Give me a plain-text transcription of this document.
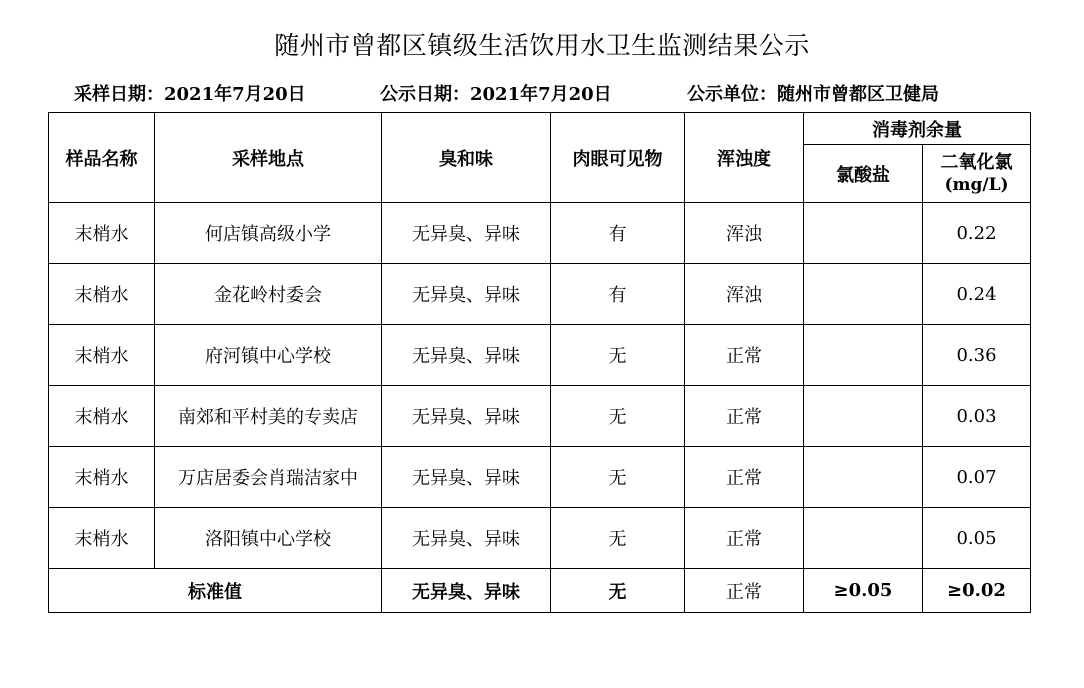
随州市曾都区镇级生活饮用水卫生监测结果公示
采样日期：2021年7月20日	公示日期：2021年7月20日	公示单位：随州市曾都区卫健局
样品名称	采样地点	臭和味	肉眼可见物	浑浊度	消毒剂余量	
					氯酸盐	二氧化氯
(mg/L)

末梢水	何店镇高级小学	无异臭、异味	有	浑浊		0.22
末梢水	金花岭村委会	无异臭、异味	有	浑浊		0.24
末梢水	府河镇中心学校	无异臭、异味	无	正常		0.36
末梢水	南郊和平村美的专卖店	无异臭、异味	无	正常		0.03
末梢水	万店居委会肖瑞洁家中	无异臭、异味	无	正常		0.07
末梢水	洛阳镇中心学校	无异臭、异味	无	正常		0.05
标准值		无异臭、异味	无	正常	≥0.05	≥0.02
